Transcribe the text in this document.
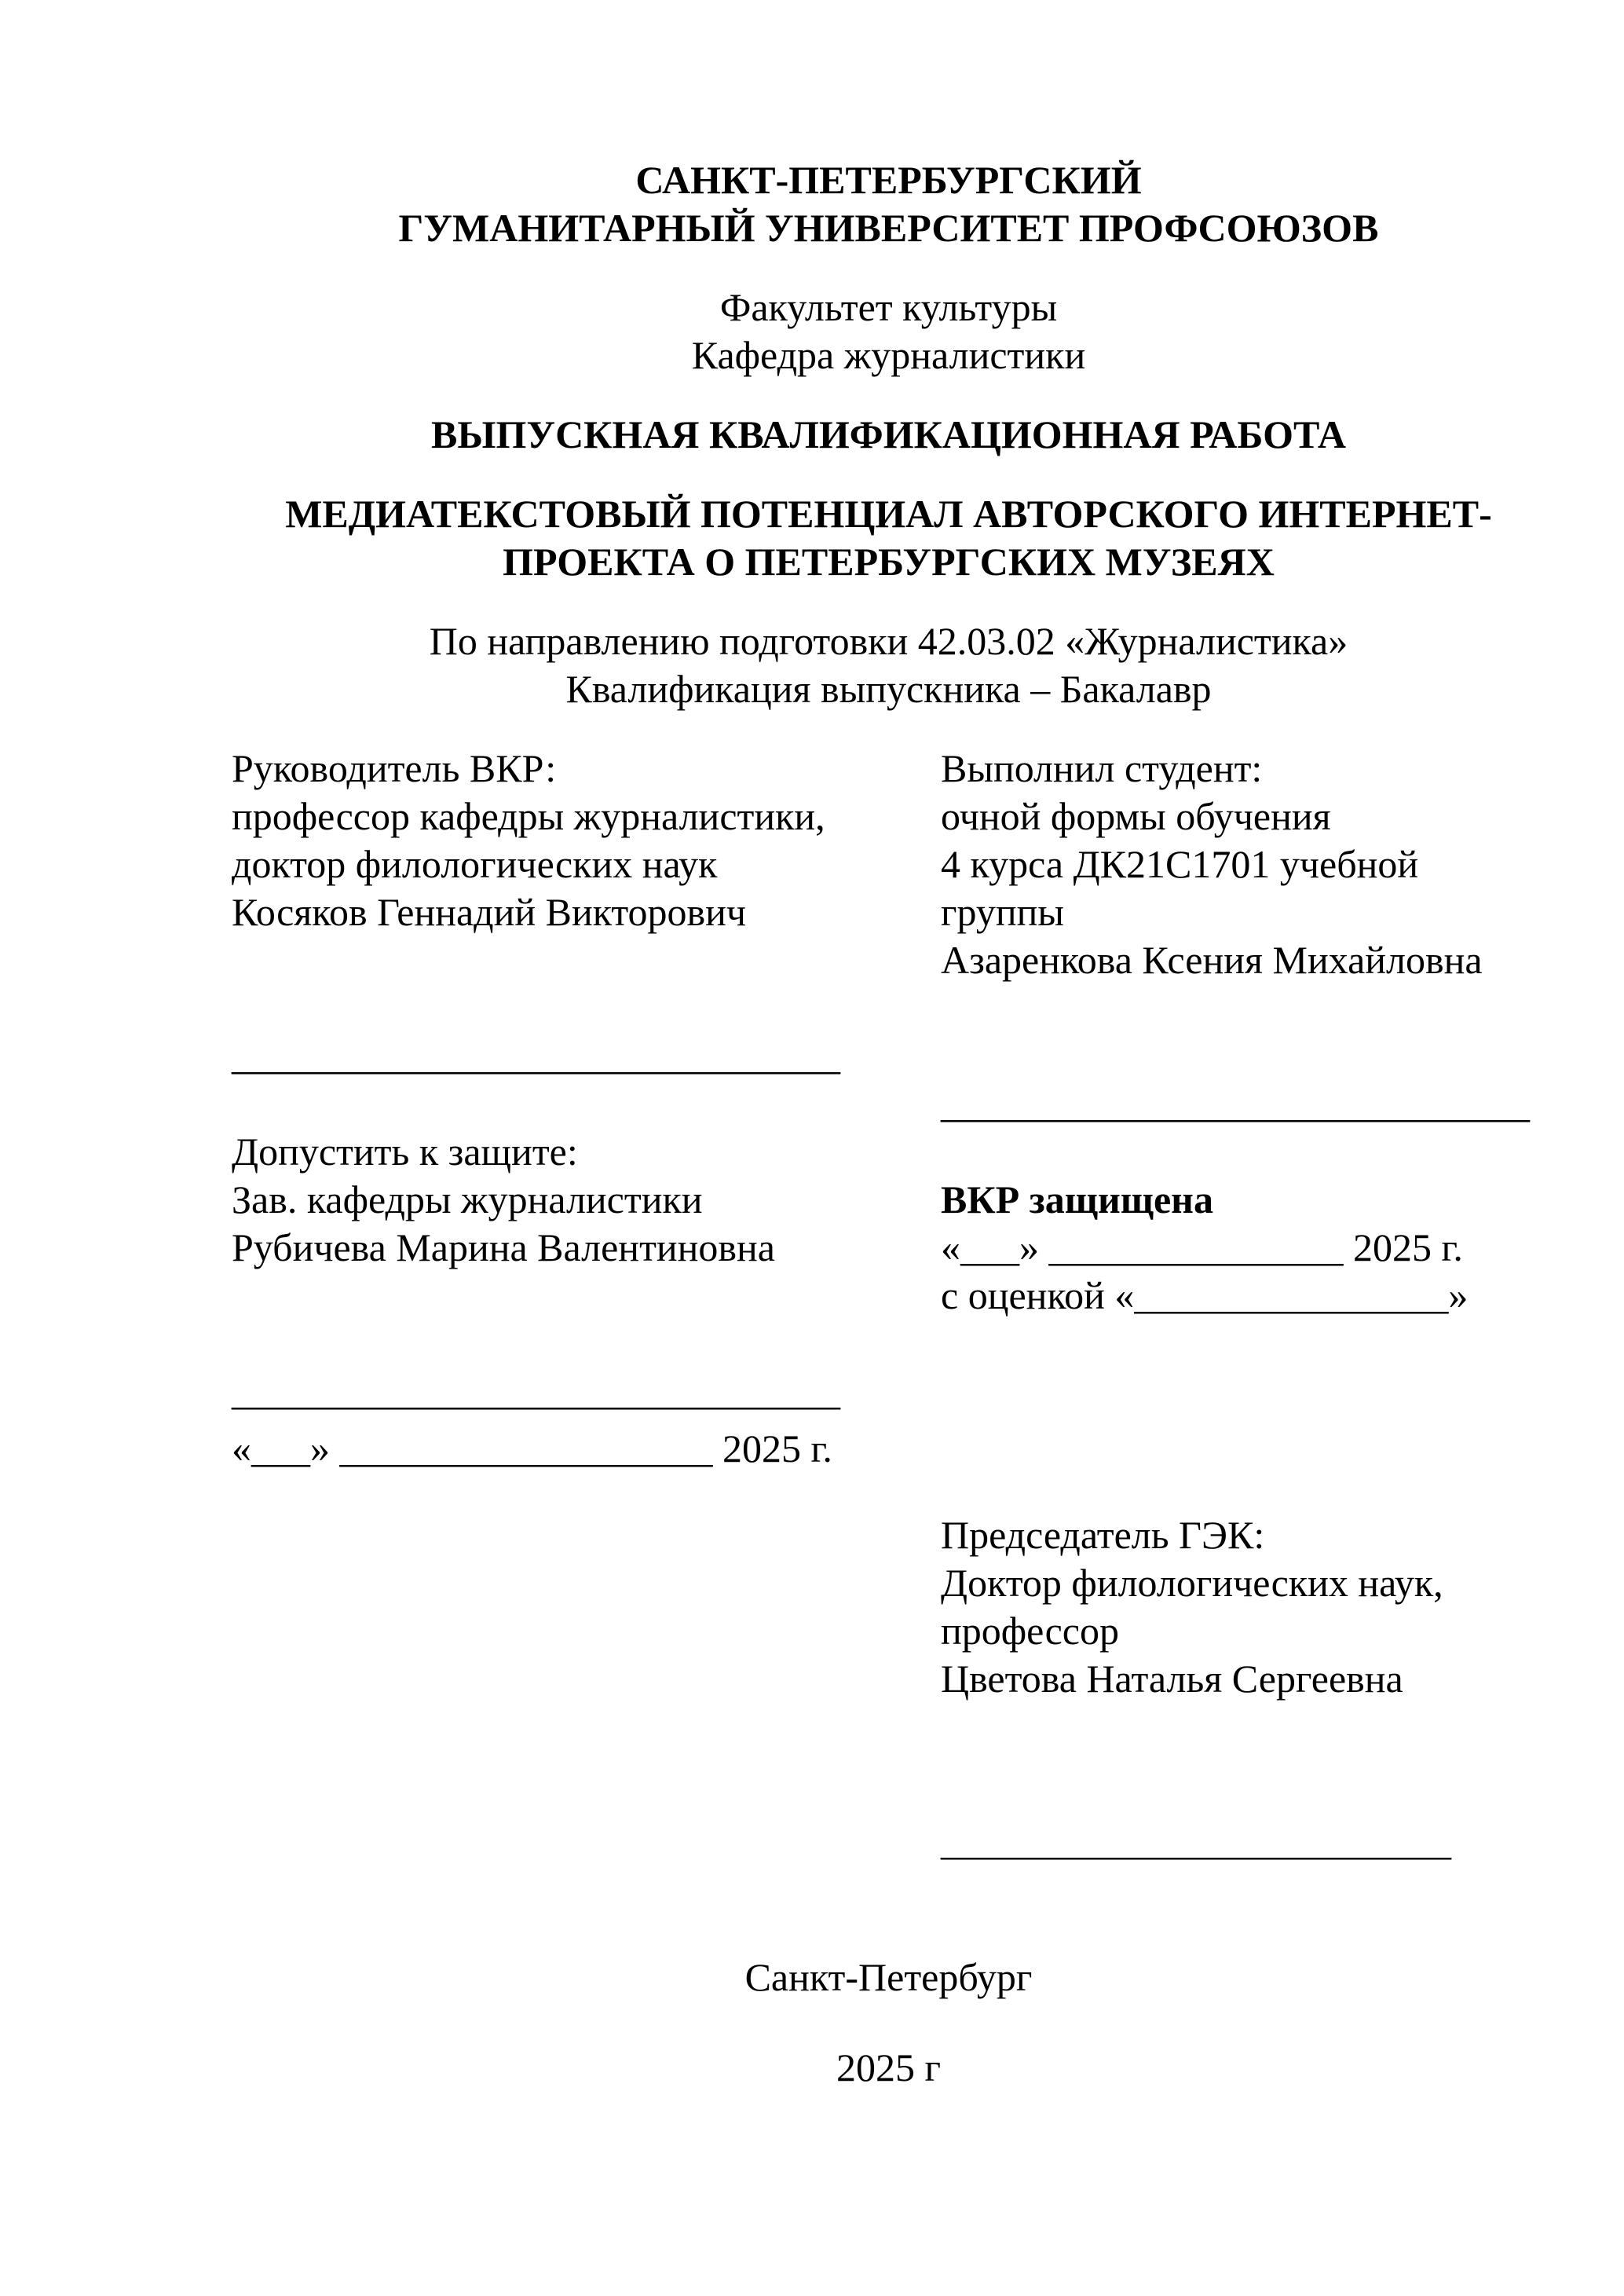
САНКТ-ПЕТЕРБУРГСКИЙ

ГУМАНИТАРНЫЙ УНИВЕРСИТЕТ ПРОФСОЮЗОВ

Факультет культуры

Кафедра журналистики

ВЫПУСКНАЯ КВАЛИФИКАЦИОННАЯ РАБОТА

МЕДИАТЕКСТОВЫЙ ПОТЕНЦИАЛ АВТОРСКОГО ИНТЕРНЕТ-

ПРОЕКТА О ПЕТЕРБУРГСКИХ МУЗЕЯХ

По направлению подготовки 42.03.02 «Журналистика»

Квалификация выпускника – Бакалавр

Руководитель ВКР:

профессор кафедры журналистики,

доктор филологических наук

Косяков Геннадий Викторович

_______________________________

Допустить к защите:

Зав. кафедры журналистики

Рубичева Марина Валентиновна

_______________________________

«___» ___________________ 2025 г.

Выполнил студент:

очной формы обучения

4 курса ДК21С1701 учебной группы

Азаренкова Ксения Михайловна

______________________________

ВКР защищена

«___» _______________ 2025 г.

с оценкой «________________»

Председатель ГЭК:

Доктор филологических наук,

профессор

Цветова Наталья Сергеевна

__________________________

Санкт-Петербург

2025 г
